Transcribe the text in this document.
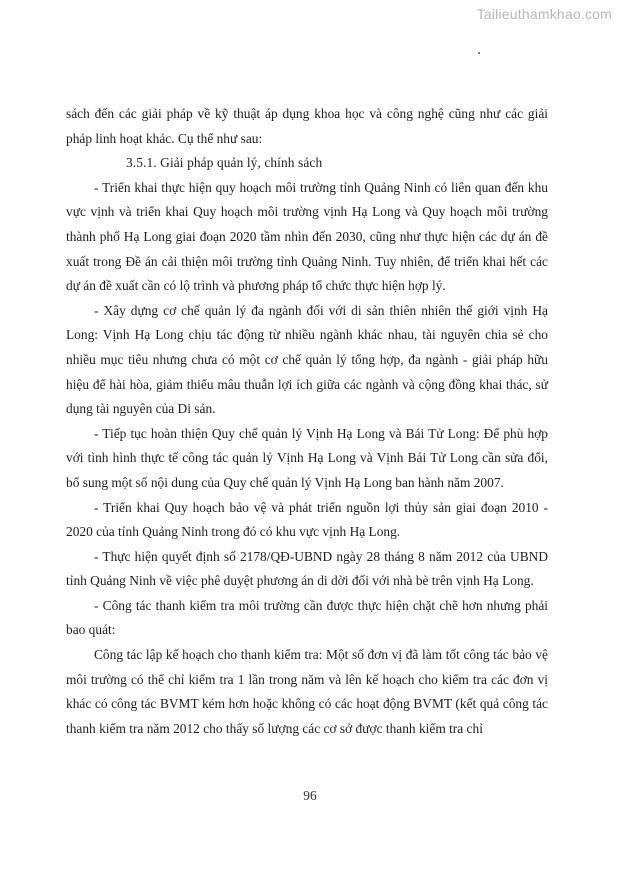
Tailieuthamkhao.com

sách đến các giải pháp về kỹ thuật áp dụng khoa học và công nghệ cũng như các giải pháp linh hoạt khác. Cụ thể như sau:

3.5.1. Giải pháp quản lý, chính sách

- Triển khai thực hiện quy hoạch môi trường tỉnh Quảng Ninh có liên quan đến khu vực vịnh và triển khai Quy hoạch môi trường vịnh Hạ Long và Quy hoạch môi trường thành phố Hạ Long giai đoạn 2020 tầm nhìn đến 2030, cũng như thực hiện các dự án đề xuất trong Đề án cải thiện môi trường tỉnh Quảng Ninh. Tuy nhiên, để triển khai hết các dự án đề xuất cần có lộ trình và phương pháp tổ chức thực hiện hợp lý.

- Xây dựng cơ chế quản lý đa ngành đối với di sản thiên nhiên thế giới vịnh Hạ Long: Vịnh Hạ Long chịu tác động từ nhiều ngành khác nhau, tài nguyên chia sẻ cho nhiều mục tiêu nhưng chưa có một cơ chế quản lý tổng hợp, đa ngành - giải pháp hữu hiệu để hài hòa, giảm thiểu mâu thuẫn lợi ích giữa các ngành và cộng đồng khai thác, sử dụng tài nguyên của Di sản.

- Tiếp tục hoàn thiện Quy chế quản lý Vịnh Hạ Long và Bái Tử Long: Để phù hợp với tình hình thực tế công tác quản lý Vịnh Hạ Long và Vịnh Bái Tử Long cần sửa đổi, bổ sung một số nội dung của Quy chế quản lý Vịnh Hạ Long ban hành năm 2007.

- Triển khai Quy hoạch bảo vệ và phát triển nguồn lợi thủy sản giai đoạn 2010 - 2020 của tỉnh Quảng Ninh trong đó có khu vực vịnh Hạ Long.

- Thực hiện quyết định số 2178/QĐ-UBND ngày 28 tháng 8 năm 2012 của UBND tỉnh Quảng Ninh về việc phê duyệt phương án di dời đối với nhà bè trên vịnh Hạ Long.

- Công tác thanh kiểm tra môi trường cần được thực hiện chặt chẽ hơn nhưng phải bao quát:

Công tác lập kế hoạch cho thanh kiểm tra: Một số đơn vị đã làm tốt công tác bảo vệ môi trường có thể chỉ kiểm tra 1 lần trong năm và lên kế hoạch cho kiểm tra các đơn vị khác có công tác BVMT kém hơn hoặc không có các hoạt động BVMT (kết quả công tác thanh kiểm tra năm 2012 cho thấy số lượng các cơ sở được thanh kiểm tra chỉ

96
